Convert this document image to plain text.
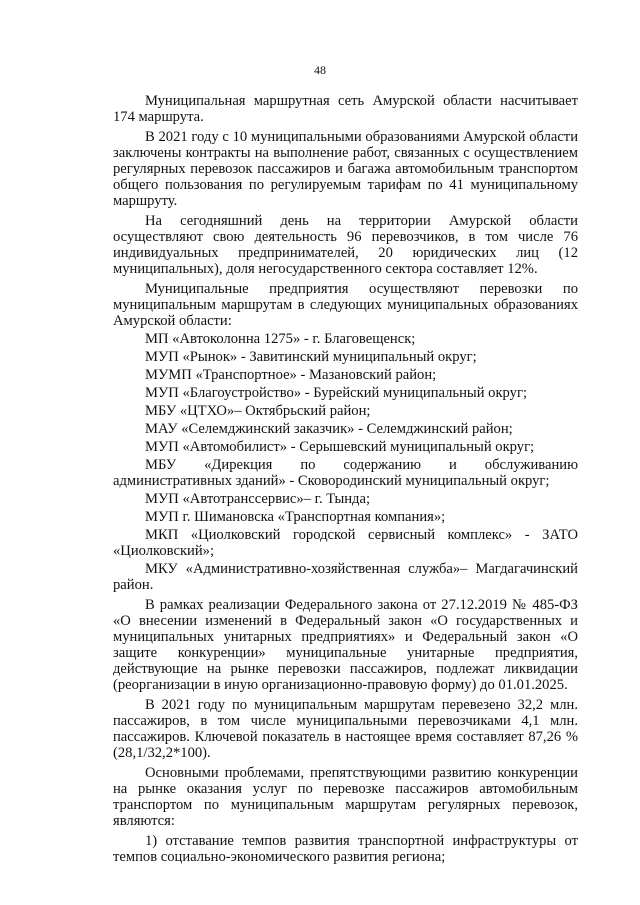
48

Муниципальная маршрутная сеть Амурской области насчитывает 174 маршрута.

В 2021 году с 10 муниципальными образованиями Амурской области заключены контракты на выполнение работ, связанных с осуществлением регулярных перевозок пассажиров и багажа автомобильным транспортом общего пользования по регулируемым тарифам по 41 муниципальному маршруту.

На сегодняшний день на территории Амурской области осуществляют свою деятельность 96 перевозчиков, в том числе 76 индивидуальных предпринимателей, 20 юридических лиц (12 муниципальных), доля негосударственного сектора составляет 12%.

Муниципальные предприятия осуществляют перевозки по муниципальным маршрутам в следующих муниципальных образованиях Амурской области:

МП «Автоколонна 1275» - г. Благовещенск;

МУП «Рынок» - Завитинский муниципальный округ;

МУМП «Транспортное» - Мазановский район;

МУП «Благоустройство» - Бурейский муниципальный округ;

МБУ «ЦТХО»– Октябрьский район;

МАУ «Селемджинский заказчик» - Селемджинский район;

МУП «Автомобилист» - Серышевский муниципальный округ;

МБУ «Дирекция по содержанию и обслуживанию административных зданий» - Сковородинский муниципальный округ;

МУП «Автотранссервис»– г. Тында;

МУП г. Шимановска «Транспортная компания»;

МКП «Циолковский городской сервисный комплекс» - ЗАТО «Циолковский»;

МКУ «Административно-хозяйственная служба»– Магдагачинский район.

В рамках реализации Федерального закона от 27.12.2019 № 485-ФЗ «О внесении изменений в Федеральный закон «О государственных и муниципальных унитарных предприятиях» и Федеральный закон «О защите конкуренции» муниципальные унитарные предприятия, действующие на рынке перевозки пассажиров, подлежат ликвидации (реорганизации в иную организационно-правовую форму) до 01.01.2025.

В 2021 году по муниципальным маршрутам перевезено 32,2 млн. пассажиров, в том числе муниципальными перевозчиками 4,1 млн. пассажиров. Ключевой показатель в настоящее время составляет 87,26 % (28,1/32,2*100).

Основными проблемами, препятствующими развитию конкуренции на рынке оказания услуг по перевозке пассажиров автомобильным транспортом по муниципальным маршрутам регулярных перевозок, являются:

1) отставание темпов развития транспортной инфраструктуры от темпов социально-экономического развития региона;
